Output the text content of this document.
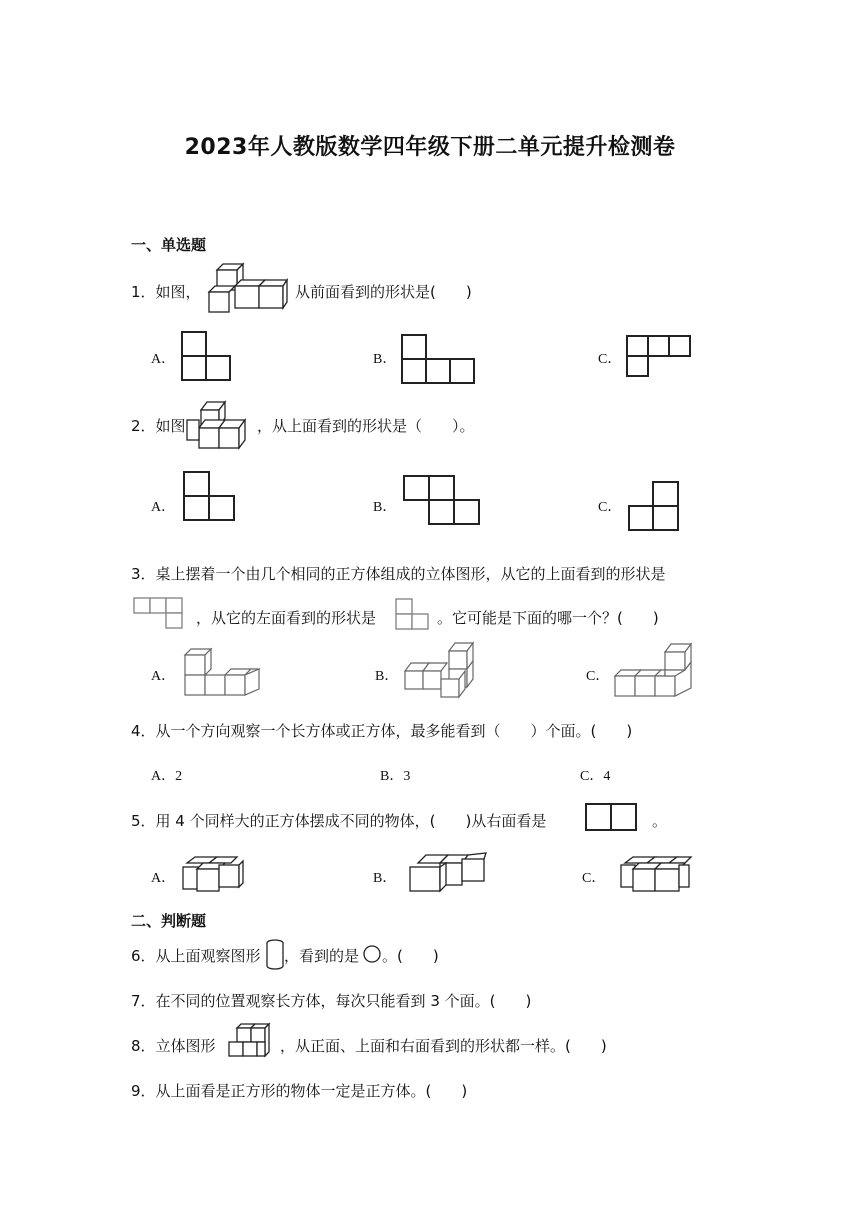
2023年人教版数学四年级下册二单元提升检测卷
一、单选题
1．如图，	从前面看到的形状是(　　)
A．	B．	C．
2．如图	，从上面看到的形状是（　　）。
A．	B．	C．
3．桌上摆着一个由几个相同的正方体组成的立体图形，从它的上面看到的形状是
，从它的左面看到的形状是	。它可能是下面的哪一个？(　　)
A．	B．	C．
4．从一个方向观察一个长方体或正方体，最多能看到（　　）个面。(　　)
A．2	B．3	C．4
5．用 4 个同样大的正方体摆成不同的物体，(　　)从右面看是	。
A．	B．	C．
二、判断题
6．从上面观察图形 ，看到的是 。(　　)
7．在不同的位置观察长方体，每次只能看到 3 个面。(　　)
8．立体图形	，从正面、上面和右面看到的形状都一样。(　　)
9．从上面看是正方形的物体一定是正方体。(　　)
